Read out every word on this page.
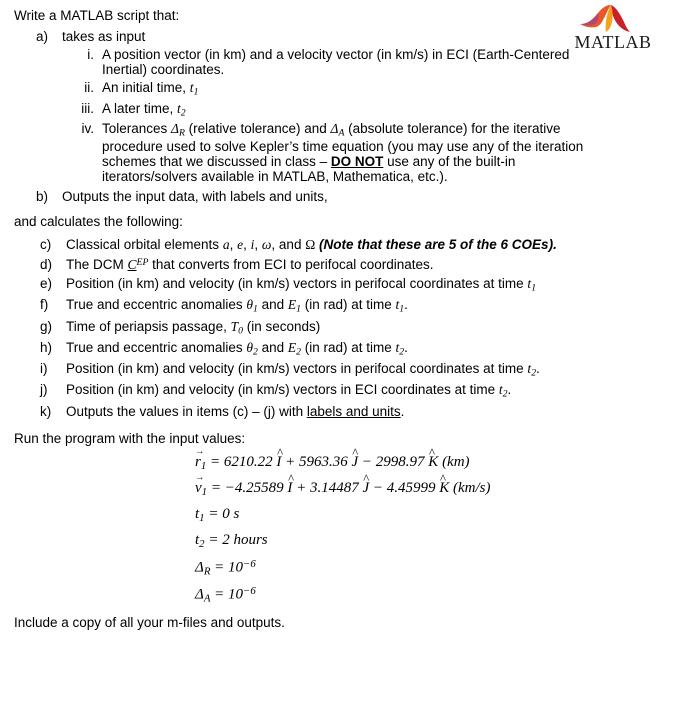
MATLAB
Write a MATLAB script that:
a)	takes as input
i. A position vector (in km) and a velocity vector (in km/s) in ECI (Earth-Centered
Inertial) coordinates.
ii. An initial time, $t_1$
iii. A later time, $t_2$
iv. Tolerances $\Delta_R$ (relative tolerance) and $\Delta_A$ (absolute tolerance) for the iterative
procedure used to solve Kepler’s time equation (you may use any of the iteration
schemes that we discussed in class – DO NOT use any of the built-in
iterators/solvers available in MATLAB, Mathematica, etc.).
b)	Outputs the input data, with labels and units,
and calculates the following:
c)	Classical orbital elements a, e, i, ω, and Ω (Note that these are 5 of the 6 COEs).
d)	The DCM $C^{EP}$ that converts from ECI to perifocal coordinates.
e)	Position (in km) and velocity (in km/s) vectors in perifocal coordinates at time $t_1$
f)	True and eccentric anomalies $\theta_1$ and $E_1$ (in rad) at time $t_1$.
g)	Time of periapsis passage, $T_0$ (in seconds)
h)	True and eccentric anomalies $\theta_2$ and $E_2$ (in rad) at time $t_2$.
i)	Position (in km) and velocity (in km/s) vectors in perifocal coordinates at time $t_2$.
j)	Position (in km) and velocity (in km/s) vectors in ECI coordinates at time $t_2$.
k)	Outputs the values in items (c) – (j) with labels and units.
Run the program with the input values:
$r \to_1 = 6210.22$ I ^ + 5963.36 J ^ − 2998.97 K ^ (km)
$v \to_1 = -4.25589$ I ^ + 3.14487 J ^ − 4.45999 K ^ (km/s)
$t_1 = 0$ s
$t_2 = 2$ hours
$\Delta_R = 10^{-6}$
$\Delta_A = 10^{-6}$
Include a copy of all your m-files and outputs.
